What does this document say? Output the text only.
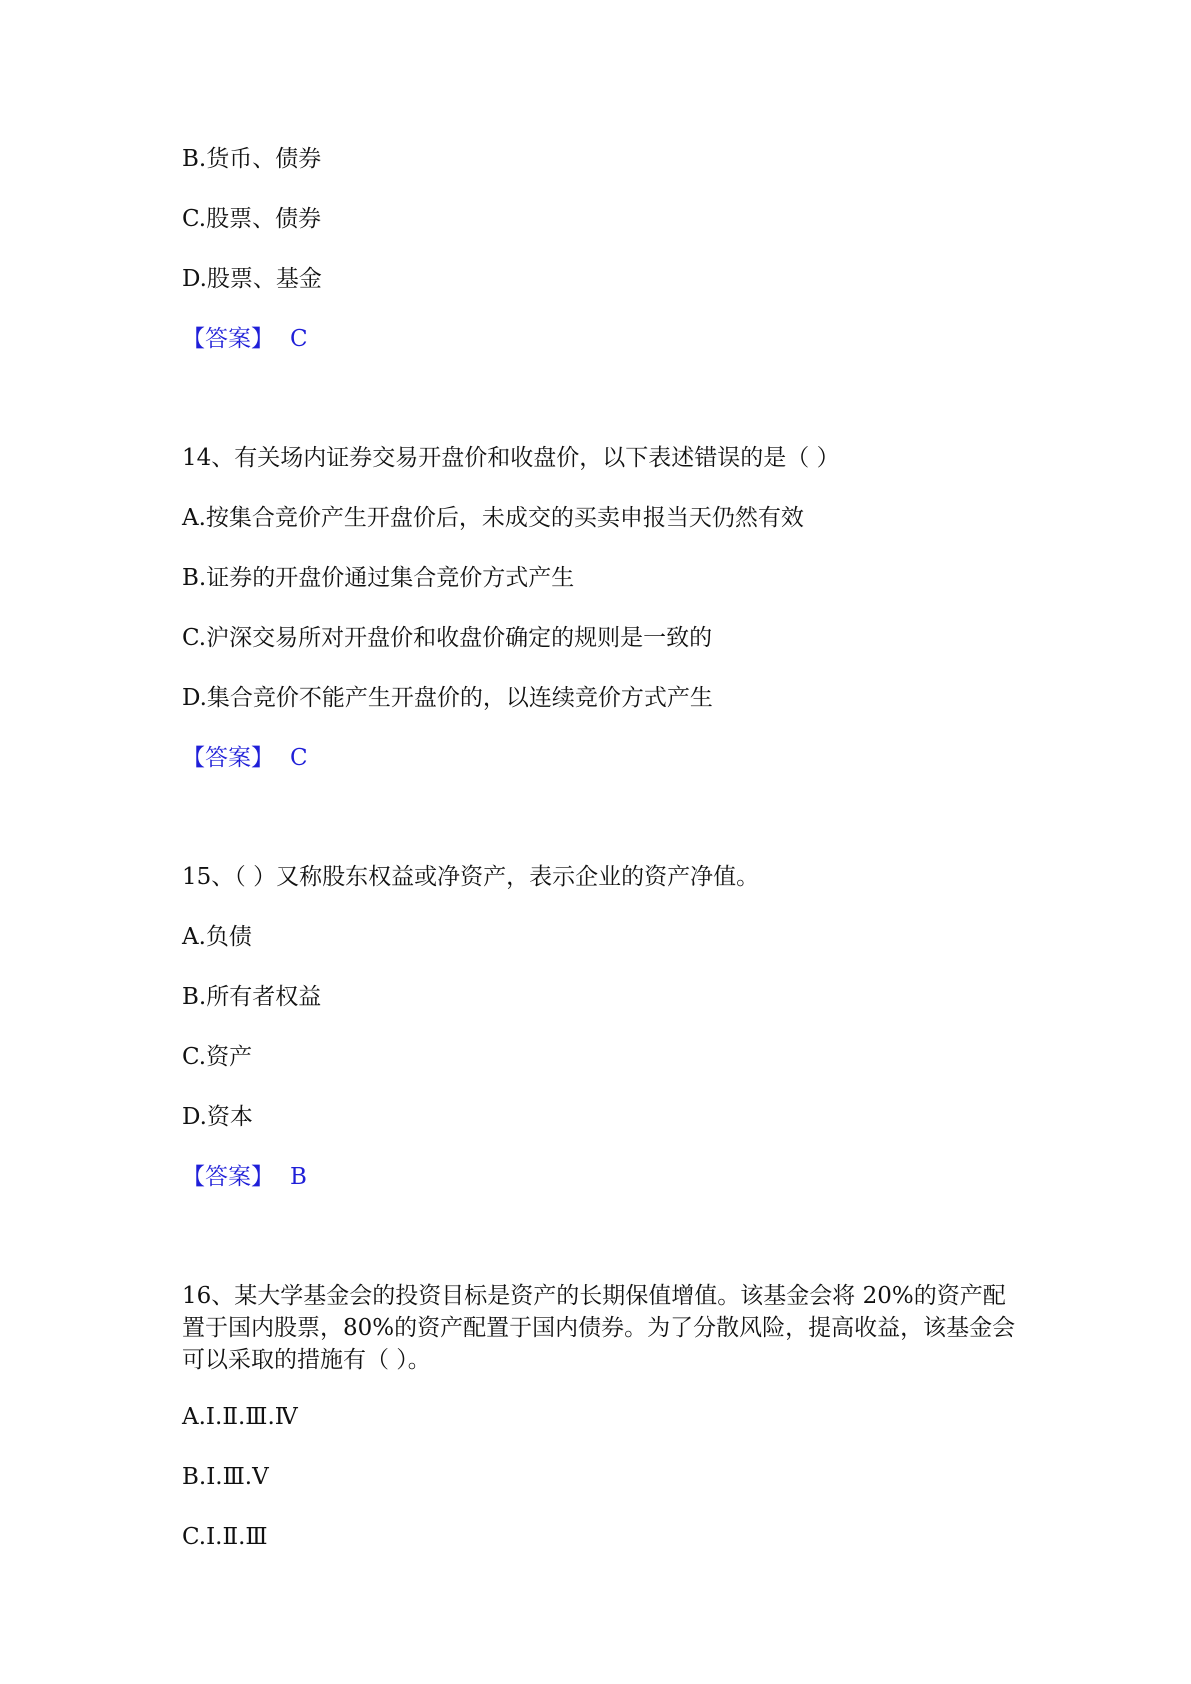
B.货币、债券
C.股票、债券
D.股票、基金
【答案】 C
14、有关场内证券交易开盘价和收盘价，以下表述错误的是（ ）
A.按集合竞价产生开盘价后，未成交的买卖申报当天仍然有效
B.证券的开盘价通过集合竞价方式产生
C.沪深交易所对开盘价和收盘价确定的规则是一致的
D.集合竞价不能产生开盘价的，以连续竞价方式产生
【答案】 C
15、（ ）又称股东权益或净资产，表示企业的资产净值。
A.负债
B.所有者权益
C.资产
D.资本
【答案】 B
16、某大学基金会的投资目标是资产的长期保值增值。该基金会将 20%的资产配置于国内股票，80%的资产配置于国内债券。为了分散风险，提高收益，该基金会可以采取的措施有（ ）。
A.Ⅰ.Ⅱ.Ⅲ.Ⅳ
B.Ⅰ.Ⅲ.Ⅴ
C.Ⅰ.Ⅱ.Ⅲ
